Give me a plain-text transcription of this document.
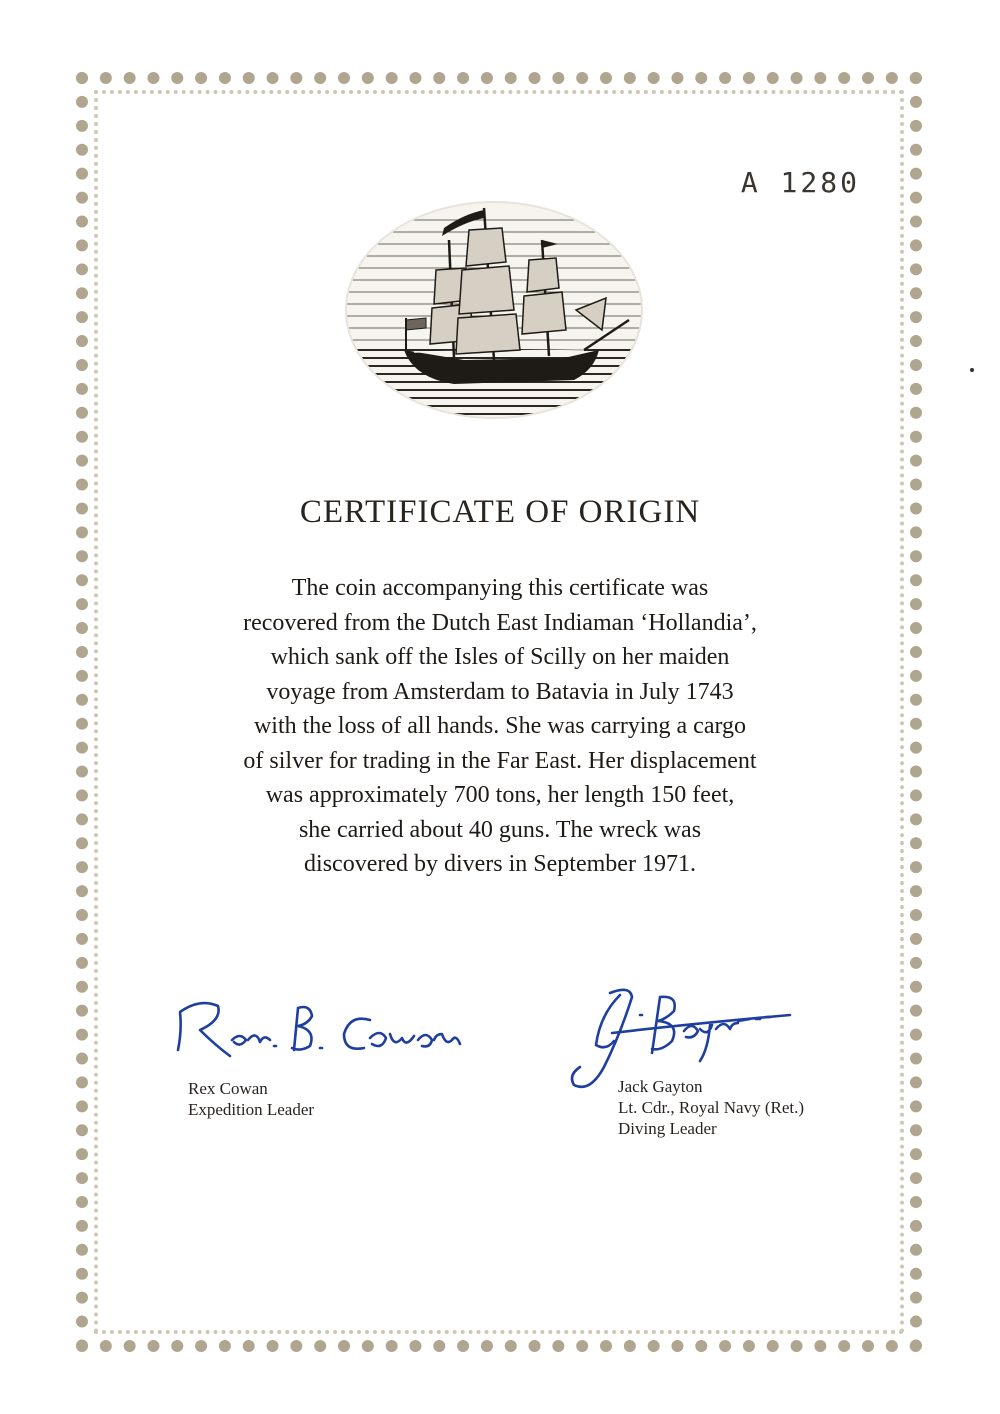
A 1280
CERTIFICATE OF ORIGIN
The coin accompanying this certificate was
recovered from the Dutch East Indiaman ‘Hollandia’,
which sank off the Isles of Scilly on her maiden
voyage from Amsterdam to Batavia in July 1743
with the loss of all hands. She was carrying a cargo
of silver for trading in the Far East. Her displacement
was approximately 700 tons, her length 150 feet,
she carried about 40 guns. The wreck was
discovered by divers in September 1971.
Rex Cowan
Expedition Leader
Jack Gayton
Lt. Cdr., Royal Navy (Ret.)
Diving Leader
